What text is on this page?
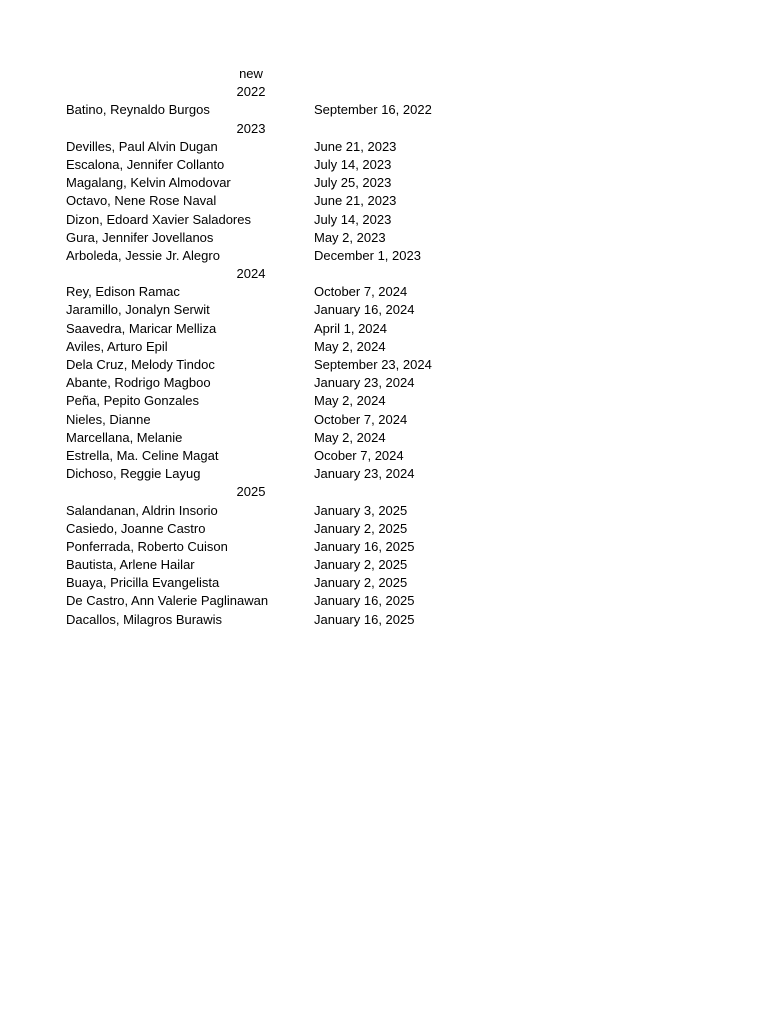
new
2022
Batino, Reynaldo Burgos	September 16, 2022
2023
Devilles, Paul Alvin Dugan	June 21, 2023
Escalona, Jennifer Collanto	July 14, 2023
Magalang, Kelvin Almodovar	July 25, 2023
Octavo, Nene Rose Naval	June 21, 2023
Dizon, Edoard Xavier Saladores	July 14, 2023
Gura, Jennifer Jovellanos	May 2, 2023
Arboleda, Jessie Jr. Alegro	December 1, 2023
2024
Rey, Edison Ramac	October 7, 2024
Jaramillo, Jonalyn Serwit	January 16, 2024
Saavedra, Maricar Melliza	April 1, 2024
Aviles, Arturo Epil	May 2, 2024
Dela Cruz, Melody Tindoc	September 23, 2024
Abante, Rodrigo Magboo	January 23, 2024
Peña, Pepito Gonzales	May 2, 2024
Nieles, Dianne	October 7, 2024
Marcellana, Melanie	May 2, 2024
Estrella, Ma. Celine Magat	Ocober 7, 2024
Dichoso, Reggie Layug	January 23, 2024
2025
Salandanan, Aldrin Insorio	January 3, 2025
Casiedo, Joanne Castro	January 2, 2025
Ponferrada, Roberto Cuison	January 16, 2025
Bautista, Arlene Hailar	January 2, 2025
Buaya, Pricilla Evangelista	January 2, 2025
De Castro, Ann Valerie Paglinawan	January 16, 2025
Dacallos, Milagros Burawis	January 16, 2025
